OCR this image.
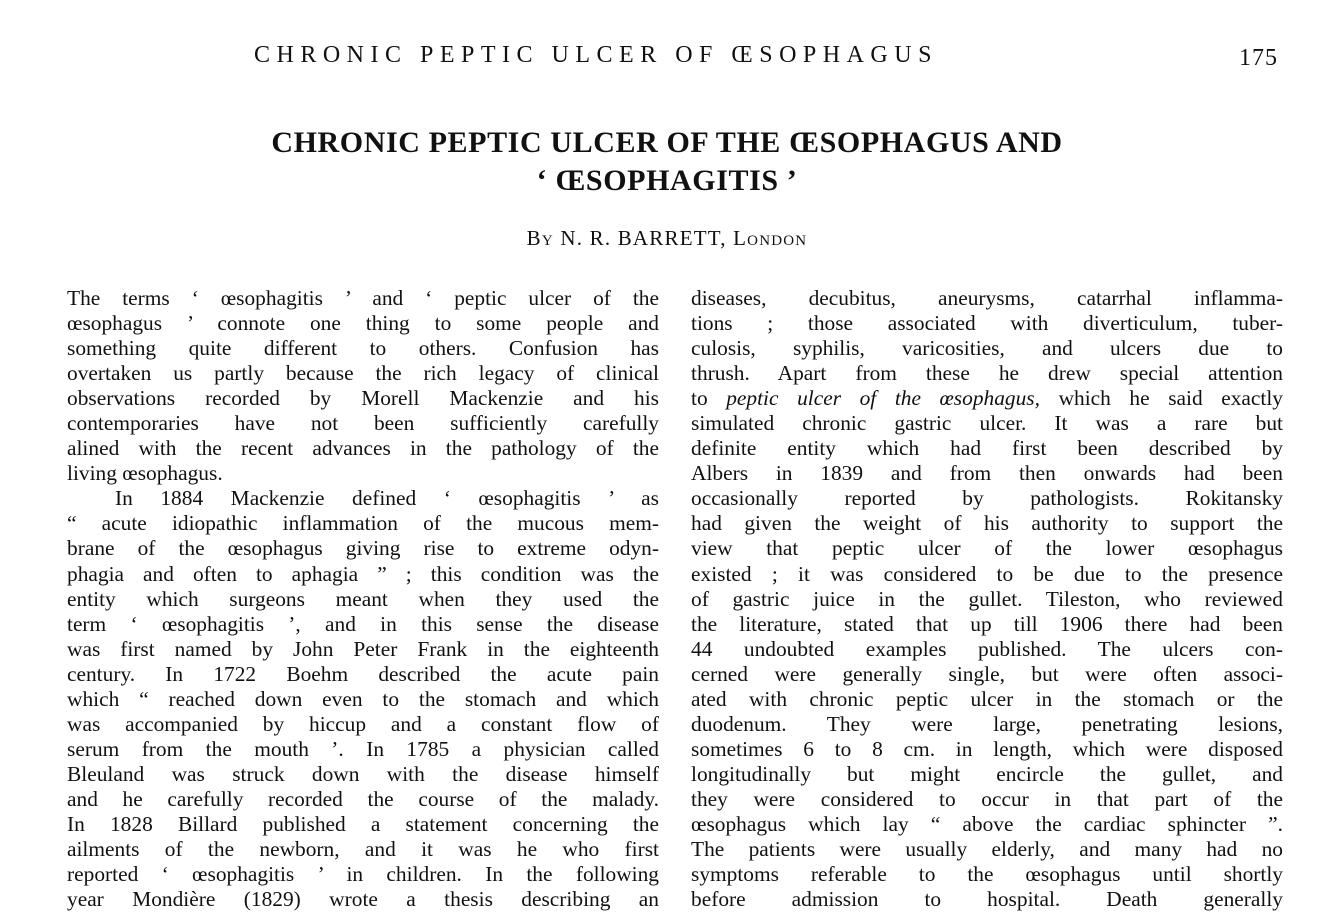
CHRONIC PEPTIC ULCER OF ŒSOPHAGUS	175
CHRONIC PEPTIC ULCER OF THE ŒSOPHAGUS AND
‘ ŒSOPHAGITIS ’
By N. R. BARRETT, London
The terms ‘ œsophagitis ’ and ‘ peptic ulcer of the
œsophagus ’ connote one thing to some people and
something quite different to others. Confusion has
overtaken us partly because the rich legacy of clinical
observations recorded by Morell Mackenzie and his
contemporaries have not been sufficiently carefully
alined with the recent advances in the pathology of the
living œsophagus.
In 1884 Mackenzie defined ‘ œsophagitis ’ as
“ acute idiopathic inflammation of the mucous mem-
brane of the œsophagus giving rise to extreme odyn-
phagia and often to aphagia ” ; this condition was the
entity which surgeons meant when they used the
term ‘ œsophagitis ’, and in this sense the disease
was first named by John Peter Frank in the eighteenth
century. In 1722 Boehm described the acute pain
which “ reached down even to the stomach and which
was accompanied by hiccup and a constant flow of
serum from the mouth ’. In 1785 a physician called
Bleuland was struck down with the disease himself
and he carefully recorded the course of the malady.
In 1828 Billard published a statement concerning the
ailments of the newborn, and it was he who first
reported ‘ œsophagitis ’ in children. In the following
year Mondière (1829) wrote a thesis describing an
diseases, decubitus, aneurysms, catarrhal inflamma-
tions ; those associated with diverticulum, tuber-
culosis, syphilis, varicosities, and ulcers due to
thrush. Apart from these he drew special attention
to peptic ulcer of the œsophagus, which he said exactly
simulated chronic gastric ulcer. It was a rare but
definite entity which had first been described by
Albers in 1839 and from then onwards had been
occasionally reported by pathologists. Rokitansky
had given the weight of his authority to support the
view that peptic ulcer of the lower œsophagus
existed ; it was considered to be due to the presence
of gastric juice in the gullet. Tileston, who reviewed
the literature, stated that up till 1906 there had been
44 undoubted examples published. The ulcers con-
cerned were generally single, but were often associ-
ated with chronic peptic ulcer in the stomach or the
duodenum. They were large, penetrating lesions,
sometimes 6 to 8 cm. in length, which were disposed
longitudinally but might encircle the gullet, and
they were considered to occur in that part of the
œsophagus which lay “ above the cardiac sphincter ”.
The patients were usually elderly, and many had no
symptoms referable to the œsophagus until shortly
before admission to hospital. Death generally
